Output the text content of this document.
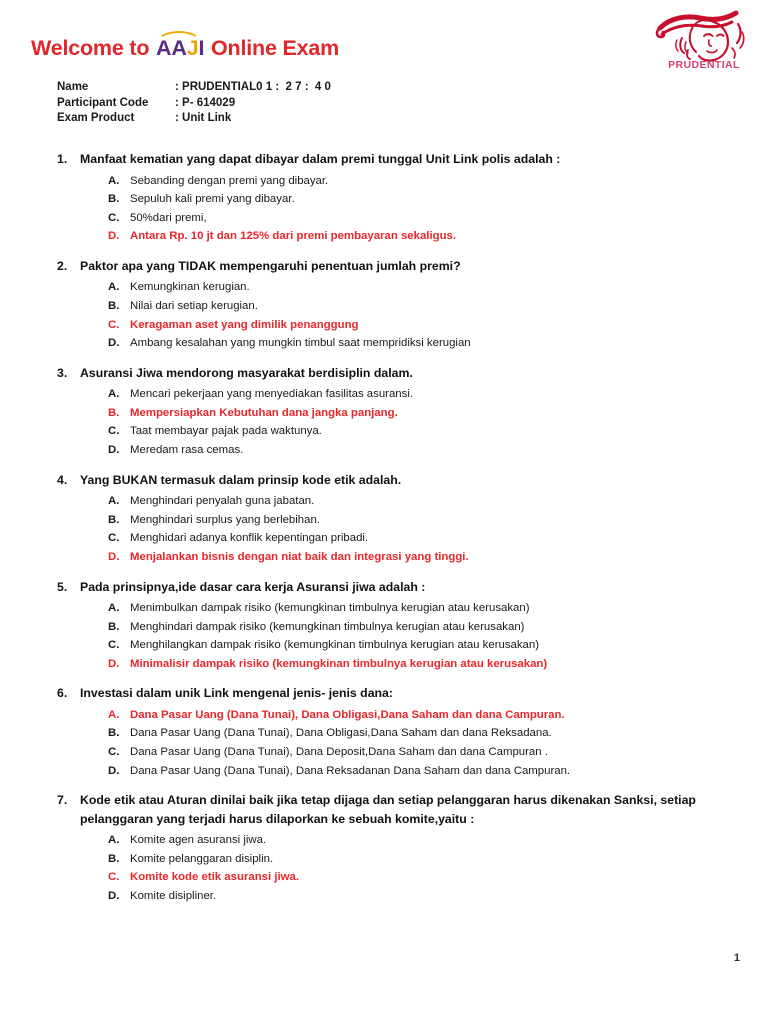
Welcome to
AAJI Online Exam
PRUDENTIAL
Name	: PRUDENTIAL0 1 :  2 7 :  4 0
Participant Code	: P- 614029
Exam Product	: Unit Link
1.	Manfaat kematian yang dapat dibayar dalam premi tunggal Unit Link polis adalah :
A. Sebanding dengan premi yang dibayar.
B. Sepuluh kali premi yang dibayar.
C. 50%dari premi,
D. Antara Rp. 10 jt dan 125% dari premi pembayaran sekaligus.
2.	Paktor apa yang TIDAK mempengaruhi penentuan jumlah premi?
A. Kemungkinan kerugian.
B. Nilai dari setiap kerugian.
C. Keragaman aset yang dimilik penanggung
D. Ambang kesalahan yang mungkin timbul saat mempridiksi kerugian
3.	Asuransi Jiwa mendorong masyarakat berdisiplin dalam.
A. Mencari pekerjaan yang menyediakan fasilitas asuransi.
B. Mempersiapkan Kebutuhan dana jangka panjang.
C. Taat membayar pajak pada waktunya.
D. Meredam rasa cemas.
4.	Yang BUKAN termasuk dalam prinsip kode etik adalah.
A. Menghindari penyalah guna jabatan.
B. Menghindari surplus yang berlebihan.
C. Menghidari adanya konflik kepentingan pribadi.
D. Menjalankan bisnis dengan niat baik dan integrasi yang tinggi.
5.	Pada prinsipnya,ide dasar cara kerja Asuransi jiwa adalah :
A. Menimbulkan dampak risiko (kemungkinan timbulnya kerugian atau kerusakan)
B. Menghindari dampak risiko (kemungkinan timbulnya kerugian atau kerusakan)
C. Menghilangkan dampak risiko (kemungkinan timbulnya kerugian atau kerusakan)
D. Minimalisir dampak risiko (kemungkinan timbulnya kerugian atau kerusakan)
6.	Investasi dalam unik Link mengenal jenis- jenis dana:
A. Dana Pasar Uang (Dana Tunai), Dana Obligasi,Dana Saham dan dana Campuran.
B. Dana Pasar Uang (Dana Tunai), Dana Obligasi,Dana Saham dan dana Reksadana.
C. Dana Pasar Uang (Dana Tunai), Dana Deposit,Dana Saham dan dana Campuran .
D. Dana Pasar Uang (Dana Tunai), Dana Reksadanan Dana Saham dan dana Campuran.
7.	Kode etik atau Aturan dinilai baik jika tetap dijaga dan setiap pelanggaran harus dikenakan Sanksi, setiap pelanggaran yang terjadi harus dilaporkan ke sebuah komite,yaitu :
A. Komite agen asuransi jiwa.
B. Komite pelanggaran disiplin.
C. Komite kode etik asuransi jiwa.
D. Komite disipliner.
1
